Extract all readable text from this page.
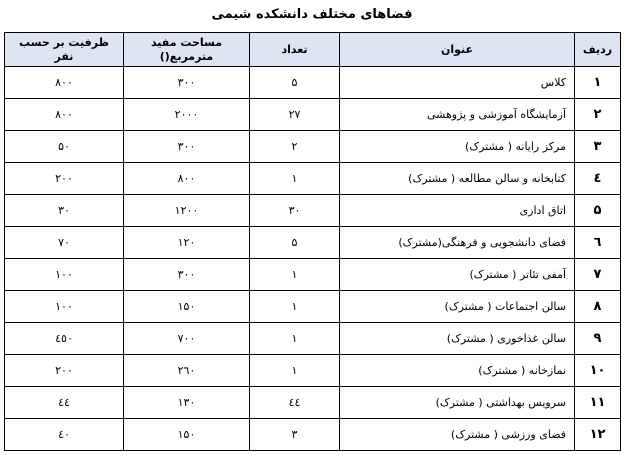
فضاهای مختلف دانشکده شیمی
ردیف	عنوان	تعداد	مساحت مفید مترمربع()	ظرفیت بر حسب نفر
۱	کلاس	۵	۳۰۰	۸۰۰
۲	آزمایشگاه آموزشی و پژوهشی	۲۷	۲۰۰۰	۸۰۰
۳	مرکز رایانه ( مشترک)	۲	۳۰۰	۵۰
٤	کتابخانه و سالن مطالعه ( مشترک)	۱	۸۰۰	۲۰۰
۵	اتاق اداری	۳۰	۱۲۰۰	۳۰
٦	فضای دانشجویی و فرهنگی(مشترک)	۵	۱۲۰	۷۰
۷	آمفی تئاتر ( مشترک)	۱	۳۰۰	۱۰۰
۸	سالن اجتماعات ( مشترک)	۱	۱۵۰	۱۰۰
۹	سالن غذاخوری ( مشترک)	۱	۷۰۰	٤٥۰
۱۰	نمازخانه ( مشترک)	۱	۲٦۰	۲۰۰
۱۱	سرویس بهداشتی ( مشترک)	٤٤	۱۳۰	٤٤
۱۲	فضای ورزشی ( مشترک)	۳	۱۵۰	٤۰
